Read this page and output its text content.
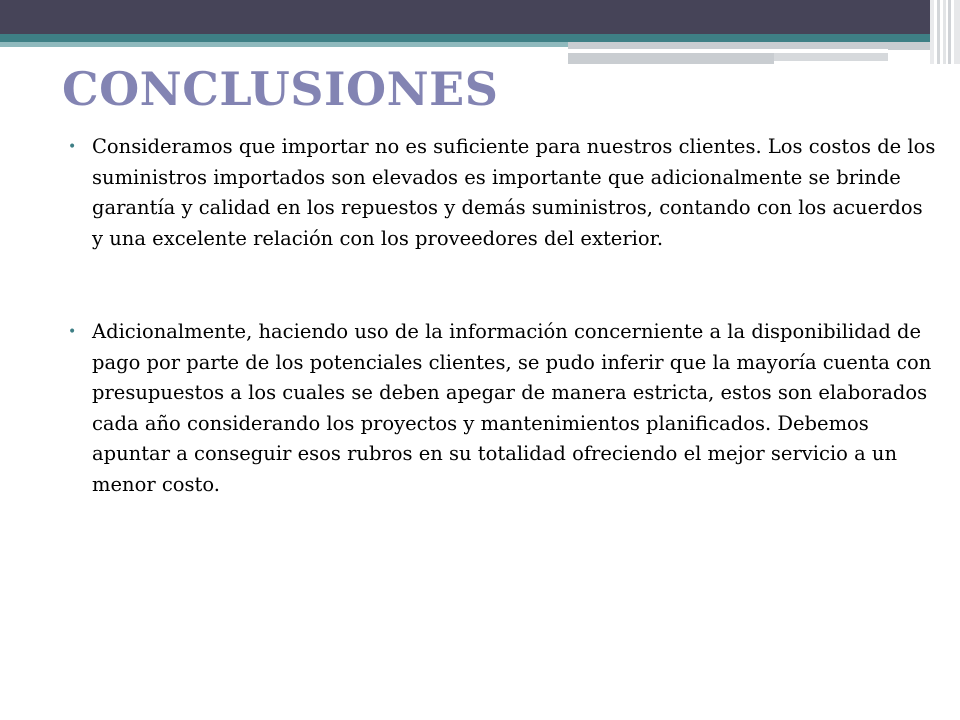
CONCLUSIONES
• Consideramos que importar no es suficiente para nuestros clientes. Los costos de los suministros importados son elevados es importante que adicionalmente se brinde garantía y calidad en los repuestos y demás suministros, contando con los acuerdos y una excelente relación con los proveedores del exterior.
• Adicionalmente, haciendo uso de la información concerniente a la disponibilidad de pago por parte de los potenciales clientes, se pudo inferir que la mayoría cuenta con presupuestos a los cuales se deben apegar de manera estricta, estos son elaborados cada año considerando los proyectos y mantenimientos planificados. Debemos apuntar a conseguir esos rubros en su totalidad ofreciendo el mejor servicio a un menor costo.
